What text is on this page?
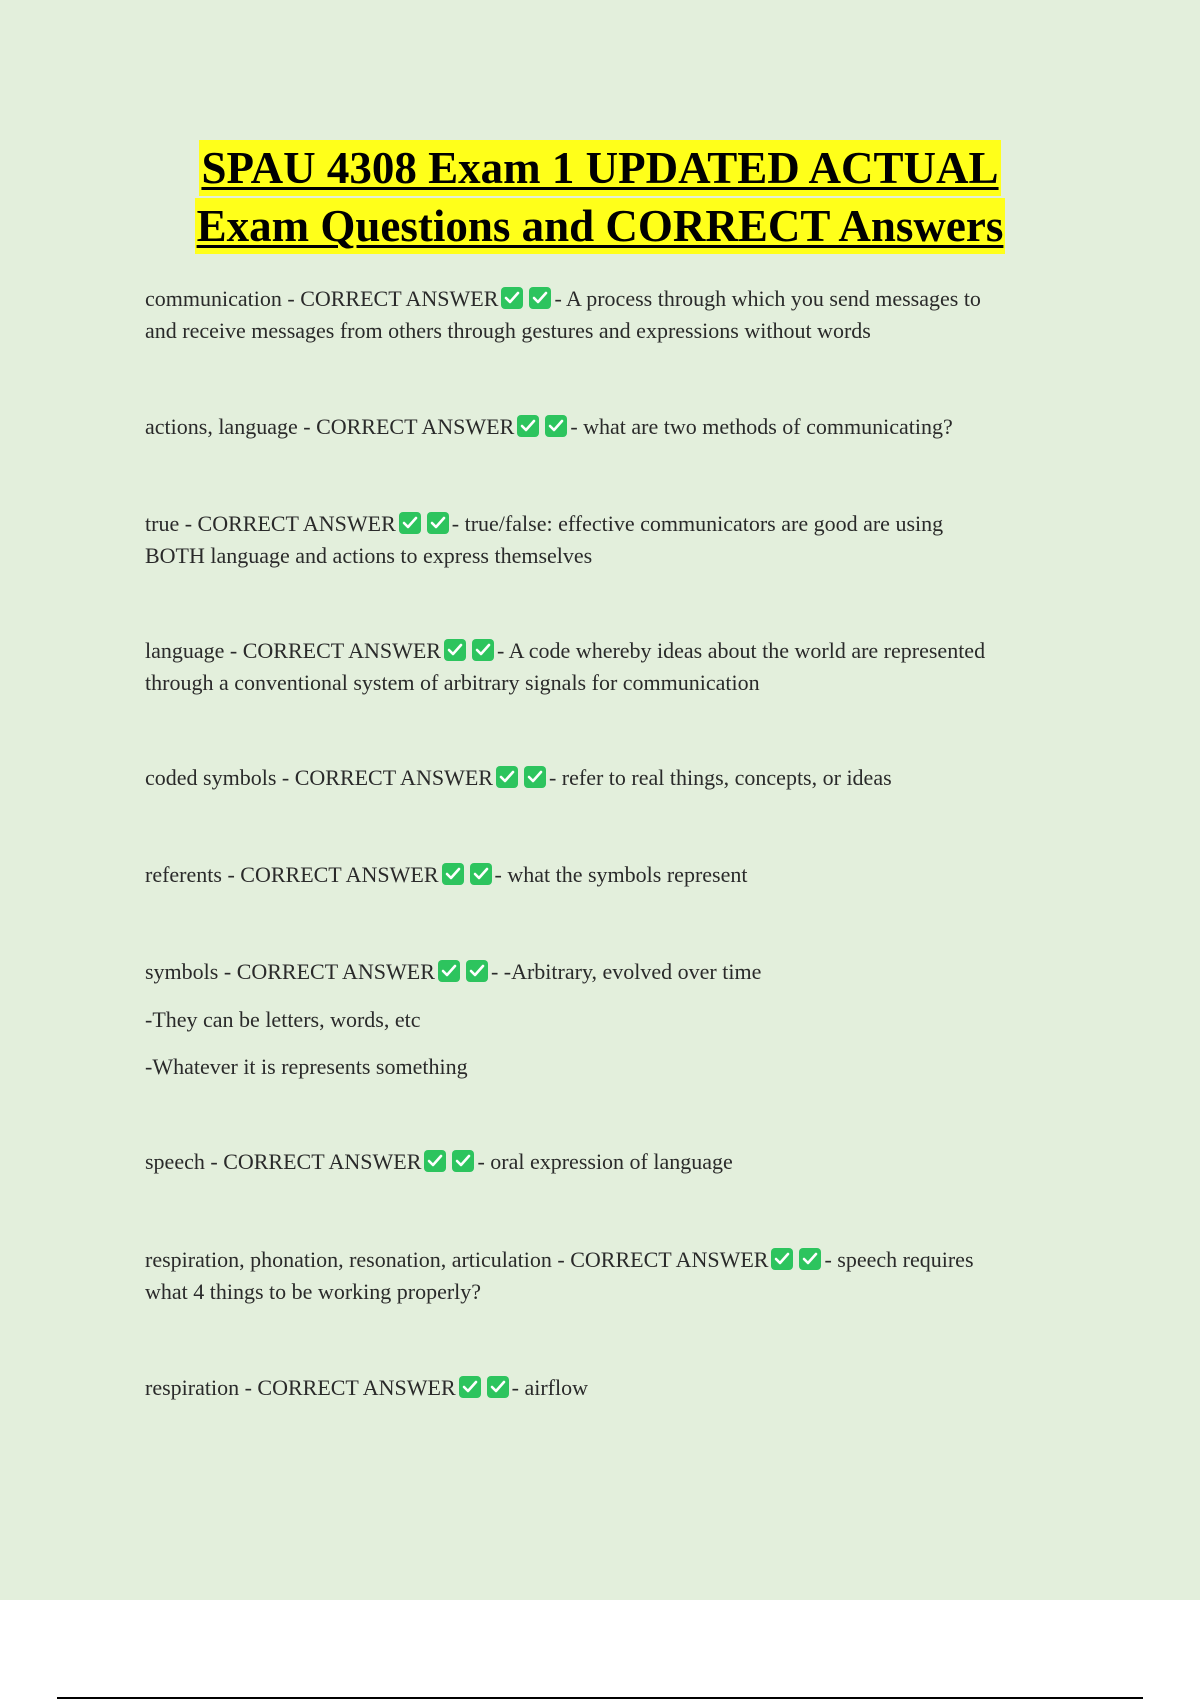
SPAU 4308 Exam 1 UPDATED ACTUAL
Exam Questions and CORRECT Answers
communication - CORRECT ANSWER	- A process through which you send messages to
and receive messages from others through gestures and expressions without words
actions, language - CORRECT ANSWER	- what are two methods of communicating?
true - CORRECT ANSWER	- true/false: effective communicators are good are using
BOTH language and actions to express themselves
language - CORRECT ANSWER	- A code whereby ideas about the world are represented
through a conventional system of arbitrary signals for communication
coded symbols - CORRECT ANSWER	- refer to real things, concepts, or ideas
referents - CORRECT ANSWER	- what the symbols represent
symbols - CORRECT ANSWER	- -Arbitrary, evolved over time
-They can be letters, words, etc
-Whatever it is represents something
speech - CORRECT ANSWER	- oral expression of language
respiration, phonation, resonation, articulation - CORRECT ANSWER	- speech requires
what 4 things to be working properly?
respiration - CORRECT ANSWER	- airflow
